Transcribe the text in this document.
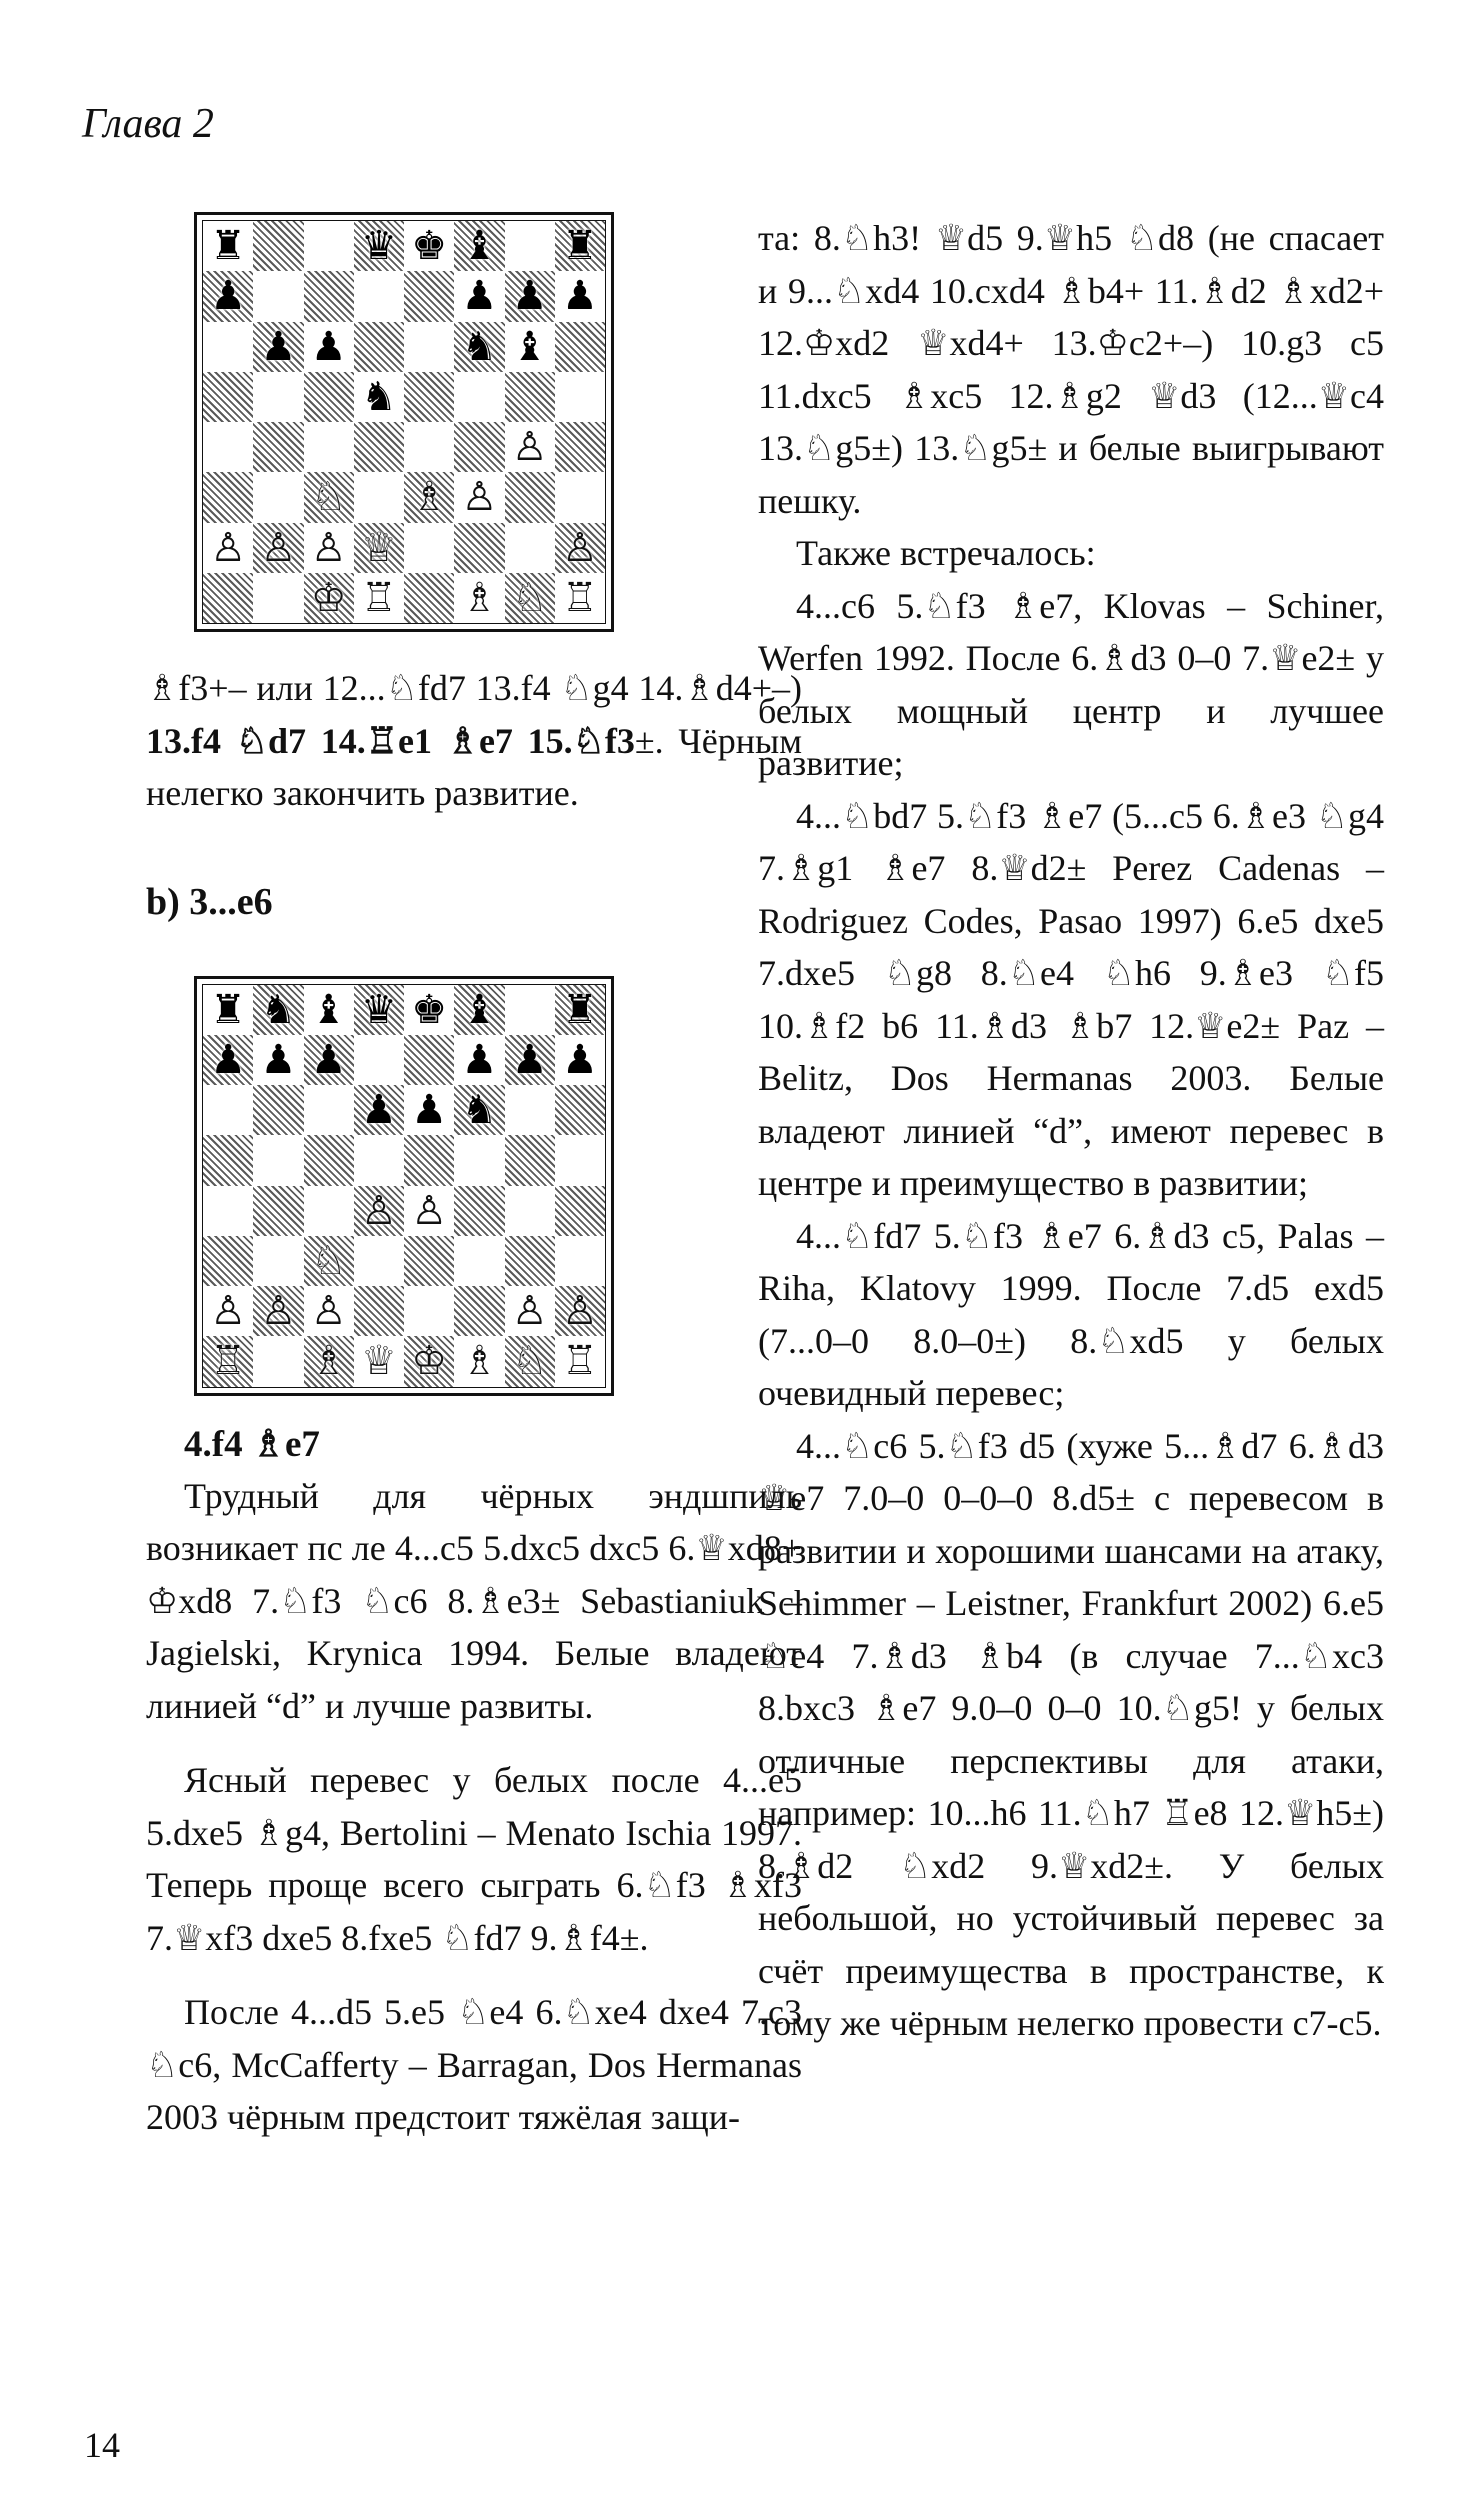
Глава 2
♜	♛ ♚ ♝ ♜
♟	♟ ♟ ♟
♟ ♟	♞ ♝
♞
♙
♘ ♗ ♙
♙ ♙ ♙ ♕	♙
♔ ♖ ♗ ♘ ♖

♗f3+– или 12...♘fd7 13.f4 ♘g4 14.♗d4+–) 13.f4 ♘d7 14.♖e1 ♗e7 15.♘f3±. Чёрным нелегко закончить развитие.

b) 3...e6
♜ ♞ ♝ ♛ ♚ ♝ ♜
♟ ♟ ♟	♟ ♟ ♟
♟ ♟ ♞
♙ ♙
♘
♙ ♙ ♙	♙ ♙
♖ ♗ ♕ ♔ ♗ ♘ ♖
4.f4 ♗e7

Трудный для чёрных эндшпиль возникает пс ле 4...c5 5.dxc5 dxc5 6.♕xd8+ ♔xd8 7.♘f3 ♘c6 8.♗e3± Sebastianiuk – Jagielski, Krynica 1994. Белые владеют линией “d” и лучше развиты.

Ясный перевес у белых после 4...e5 5.dxe5 ♗g4, Bertolini – Menato Ischia 1997. Теперь проще всего сыграть 6.♘f3 ♗xf3 7.♕xf3 dxe5 8.fxe5 ♘fd7 9.♗f4±.

После 4...d5 5.e5 ♘e4 6.♘xe4 dxe4 7.c3 ♘c6, McCafferty – Barragan, Dos Hermanas 2003 чёрным предстоит тяжёлая защи-

та: 8.♘h3! ♕d5 9.♕h5 ♘d8 (не спасает и 9...♘xd4 10.cxd4 ♗b4+ 11.♗d2 ♗xd2+ 12.♔xd2 ♕xd4+ 13.♔c2+–) 10.g3 c5 11.dxc5 ♗xc5 12.♗g2 ♕d3 (12...♕c4 13.♘g5±) 13.♘g5± и белые выигрывают пешку.

Также встречалось:

4...c6 5.♘f3 ♗e7, Klovas – Schiner, Werfen 1992. После 6.♗d3 0–0 7.♕e2± у белых мощный центр и лучшее развитие;

4...♘bd7 5.♘f3 ♗e7 (5...c5 6.♗e3 ♘g4 7.♗g1 ♗e7 8.♕d2± Perez Cadenas – Rodriguez Codes, Pasao 1997) 6.e5 dxe5 7.dxe5 ♘g8 8.♘e4 ♘h6 9.♗e3 ♘f5 10.♗f2 b6 11.♗d3 ♗b7 12.♕e2± Paz – Belitz, Dos Hermanas 2003. Белые владеют линией “d”, имеют перевес в центре и преимущество в развитии;

4...♘fd7 5.♘f3 ♗e7 6.♗d3 c5, Palas – Riha, Klatovy 1999. После 7.d5 exd5 (7...0–0 8.0–0±) 8.♘xd5 у белых очевидный перевес;

4...♘c6 5.♘f3 d5 (хуже 5...♗d7 6.♗d3 ♕e7 7.0–0 0–0–0 8.d5± с перевесом в развитии и хорошими шансами на атаку, Schimmer – Leistner, Frankfurt 2002) 6.e5 ♘e4 7.♗d3 ♗b4 (в случае 7...♘xc3 8.bxc3 ♗e7 9.0–0 0–0 10.♘g5! у белых отличные перспективы для атаки, например: 10...h6 11.♘h7 ♖e8 12.♕h5±) 8.♗d2 ♘xd2 9.♕xd2±. У белых небольшой, но устойчивый перевес за счёт преимущества в пространстве, к тому же чёрным нелегко провести c7-c5.

14
